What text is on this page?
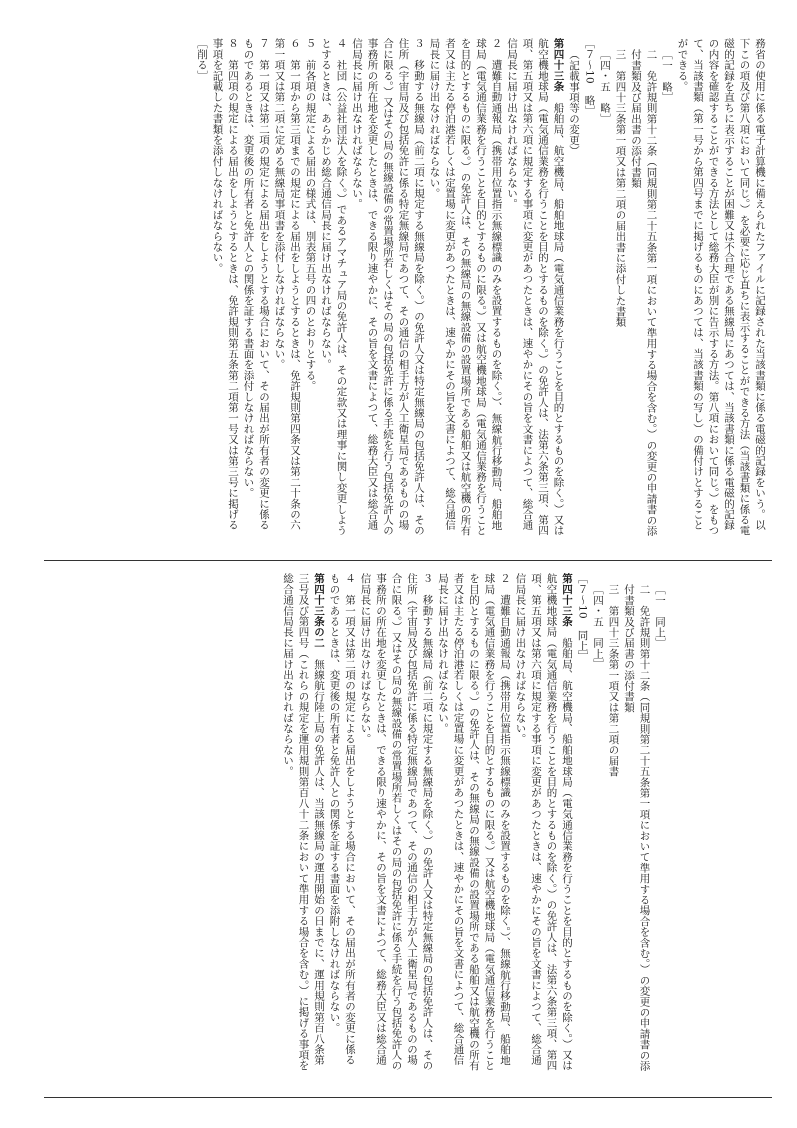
務省の使用に係る電子計算機に備えられたファイルに記録された当該書類に係る電磁的記録をいう。以下この項及び第八項において同じ。）を必要に応じ直ちに表示することができる方法（当該書類に係る電磁的記録を直ちに表示することが困難又は不合理である無線局にあつては、当該書類に係る電磁的記録の内容を確認することができる方法として総務大臣が別に告示する方法。第八項において同じ。）をもつて、当該書類（第一号から第四号までに掲げるものにあつては、当該書類の写し）の備付けとすることができる。

［一　略］

二　免許規則第十二条（同規則第二十五条第一項において準用する場合を含む。）の変更の申請書の添付書類及び届出書の添付書類

三　第四十三条第一項又は第二項の届出書に添付した書類

［四・五　略］

［７～10　略］

（記載事項等の変更）

第四十三条　船舶局、航空機局、船舶地球局（電気通信業務を行うことを目的とするものを除く。）又は航空機地球局（電気通信業務を行うことを目的とするものを除く。）の免許人は、法第六条第三項、第四項、第五項又は第六項に規定する事項に変更があつたときは、速やかにその旨を文書によつて、総合通信局長に届け出なければならない。

２　遭難自動通報局（携帯用位置指示無線標識のみを設置するものを除く。）、無線航行移動局、船舶地球局（電気通信業務を行うことを目的とするものに限る。）又は航空機地球局（電気通信業務を行うことを目的とするものに限る。）の免許人は、その無線局の無線設備の設置場所である船舶又は航空機の所有者又は主たる停泊港若しくは定置場に変更があつたときは、速やかにその旨を文書によつて、総合通信局長に届け出なければならない。

３　移動する無線局（前二項に規定する無線局を除く。）の免許人又は特定無線局の包括免許人は、その住所（宇宙局及び包括免許に係る特定無線局であつて、その通信の相手方が人工衛星局であるものの場合に限る。）又はその局の無線設備の常置場所若しくはその局の包括免許に係る手続を行う包括免許人の事務所の所在地を変更したときは、できる限り速やかに、その旨を文書によつて、総務大臣又は総合通信局長に届け出なければならない。

４　社団（公益社団法人を除く。）であるアマチュア局の免許人は、その定款又は理事に関し変更しようとするときは、あらかじめ総合通信局長に届け出なければならない。

５　前各項の規定による届出の様式は、別表第五号の四のとおりとする。

６　第一項から第三項までの規定による届出をしようとするときは、免許規則第四条又は第二十条の六第一項又は第二項に定める無線局事項書を添付しなければならない。

７　第一項又は第二項の規定による届出をしようとする場合において、その届出が所有者の変更に係るものであるときは、変更後の所有者と免許人との関係を証する書面を添付しなければならない。

８　第四項の規定による届出をしようとするときは、免許規則第五条第二項第一号又は第三号に掲げる事項を記載した書類を添付しなければならない。

［削る］

［一　同上］

二　免許規則第十二条（同規則第二十五条第一項において準用する場合を含む。）の変更の申請書の添付書類及び届書の添付書類

三　第四十三条第一項又は第二項の届書

［四・五　同上］

［７～10　同上］

第四十三条　船舶局、航空機局、船舶地球局（電気通信業務を行うことを目的とするものを除く。）又は航空機地球局（電気通信業務を行うことを目的とするものを除く。）の免許人は、法第六条第三項、第四項、第五項又は第六項に規定する事項に変更があつたときは、速やかにその旨を文書によつて、総合通信局長に届け出なければならない。

２　遭難自動通報局（携帯用位置指示無線標識のみを設置するものを除く。）、無線航行移動局、船舶地球局（電気通信業務を行うことを目的とするものに限る。）又は航空機地球局（電気通信業務を行うことを目的とするものに限る。）の免許人は、その無線局の無線設備の設置場所である船舶又は航空機の所有者又は主たる停泊港若しくは定置場に変更があつたときは、速やかにその旨を文書によつて、総合通信局長に届け出なければならない。

３　移動する無線局（前二項に規定する無線局を除く。）の免許人又は特定無線局の包括免許人は、その住所（宇宙局及び包括免許に係る特定無線局であつて、その通信の相手方が人工衛星局であるものの場合に限る。）又はその局の無線設備の常置場所若しくはその局の包括免許に係る手続を行う包括免許人の事務所の所在地を変更したときは、できる限り速やかに、その旨を文書によつて、総務大臣又は総合通信局長に届け出なければならない。

４　第一項又は第二項の規定による届出をしようとする場合において、その届出が所有者の変更に係るものであるときは、変更後の所有者と免許人との関係を証する書面を添附しなければならない。

第四十三条の二　無線航行陸上局の免許人は、当該無線局の運用開始の日までに、運用規則第百八条第三号及び第四号（これらの規定を運用規則第百八十二条において準用する場合を含む。）に掲げる事項を総合通信局長に届け出なければならない。
